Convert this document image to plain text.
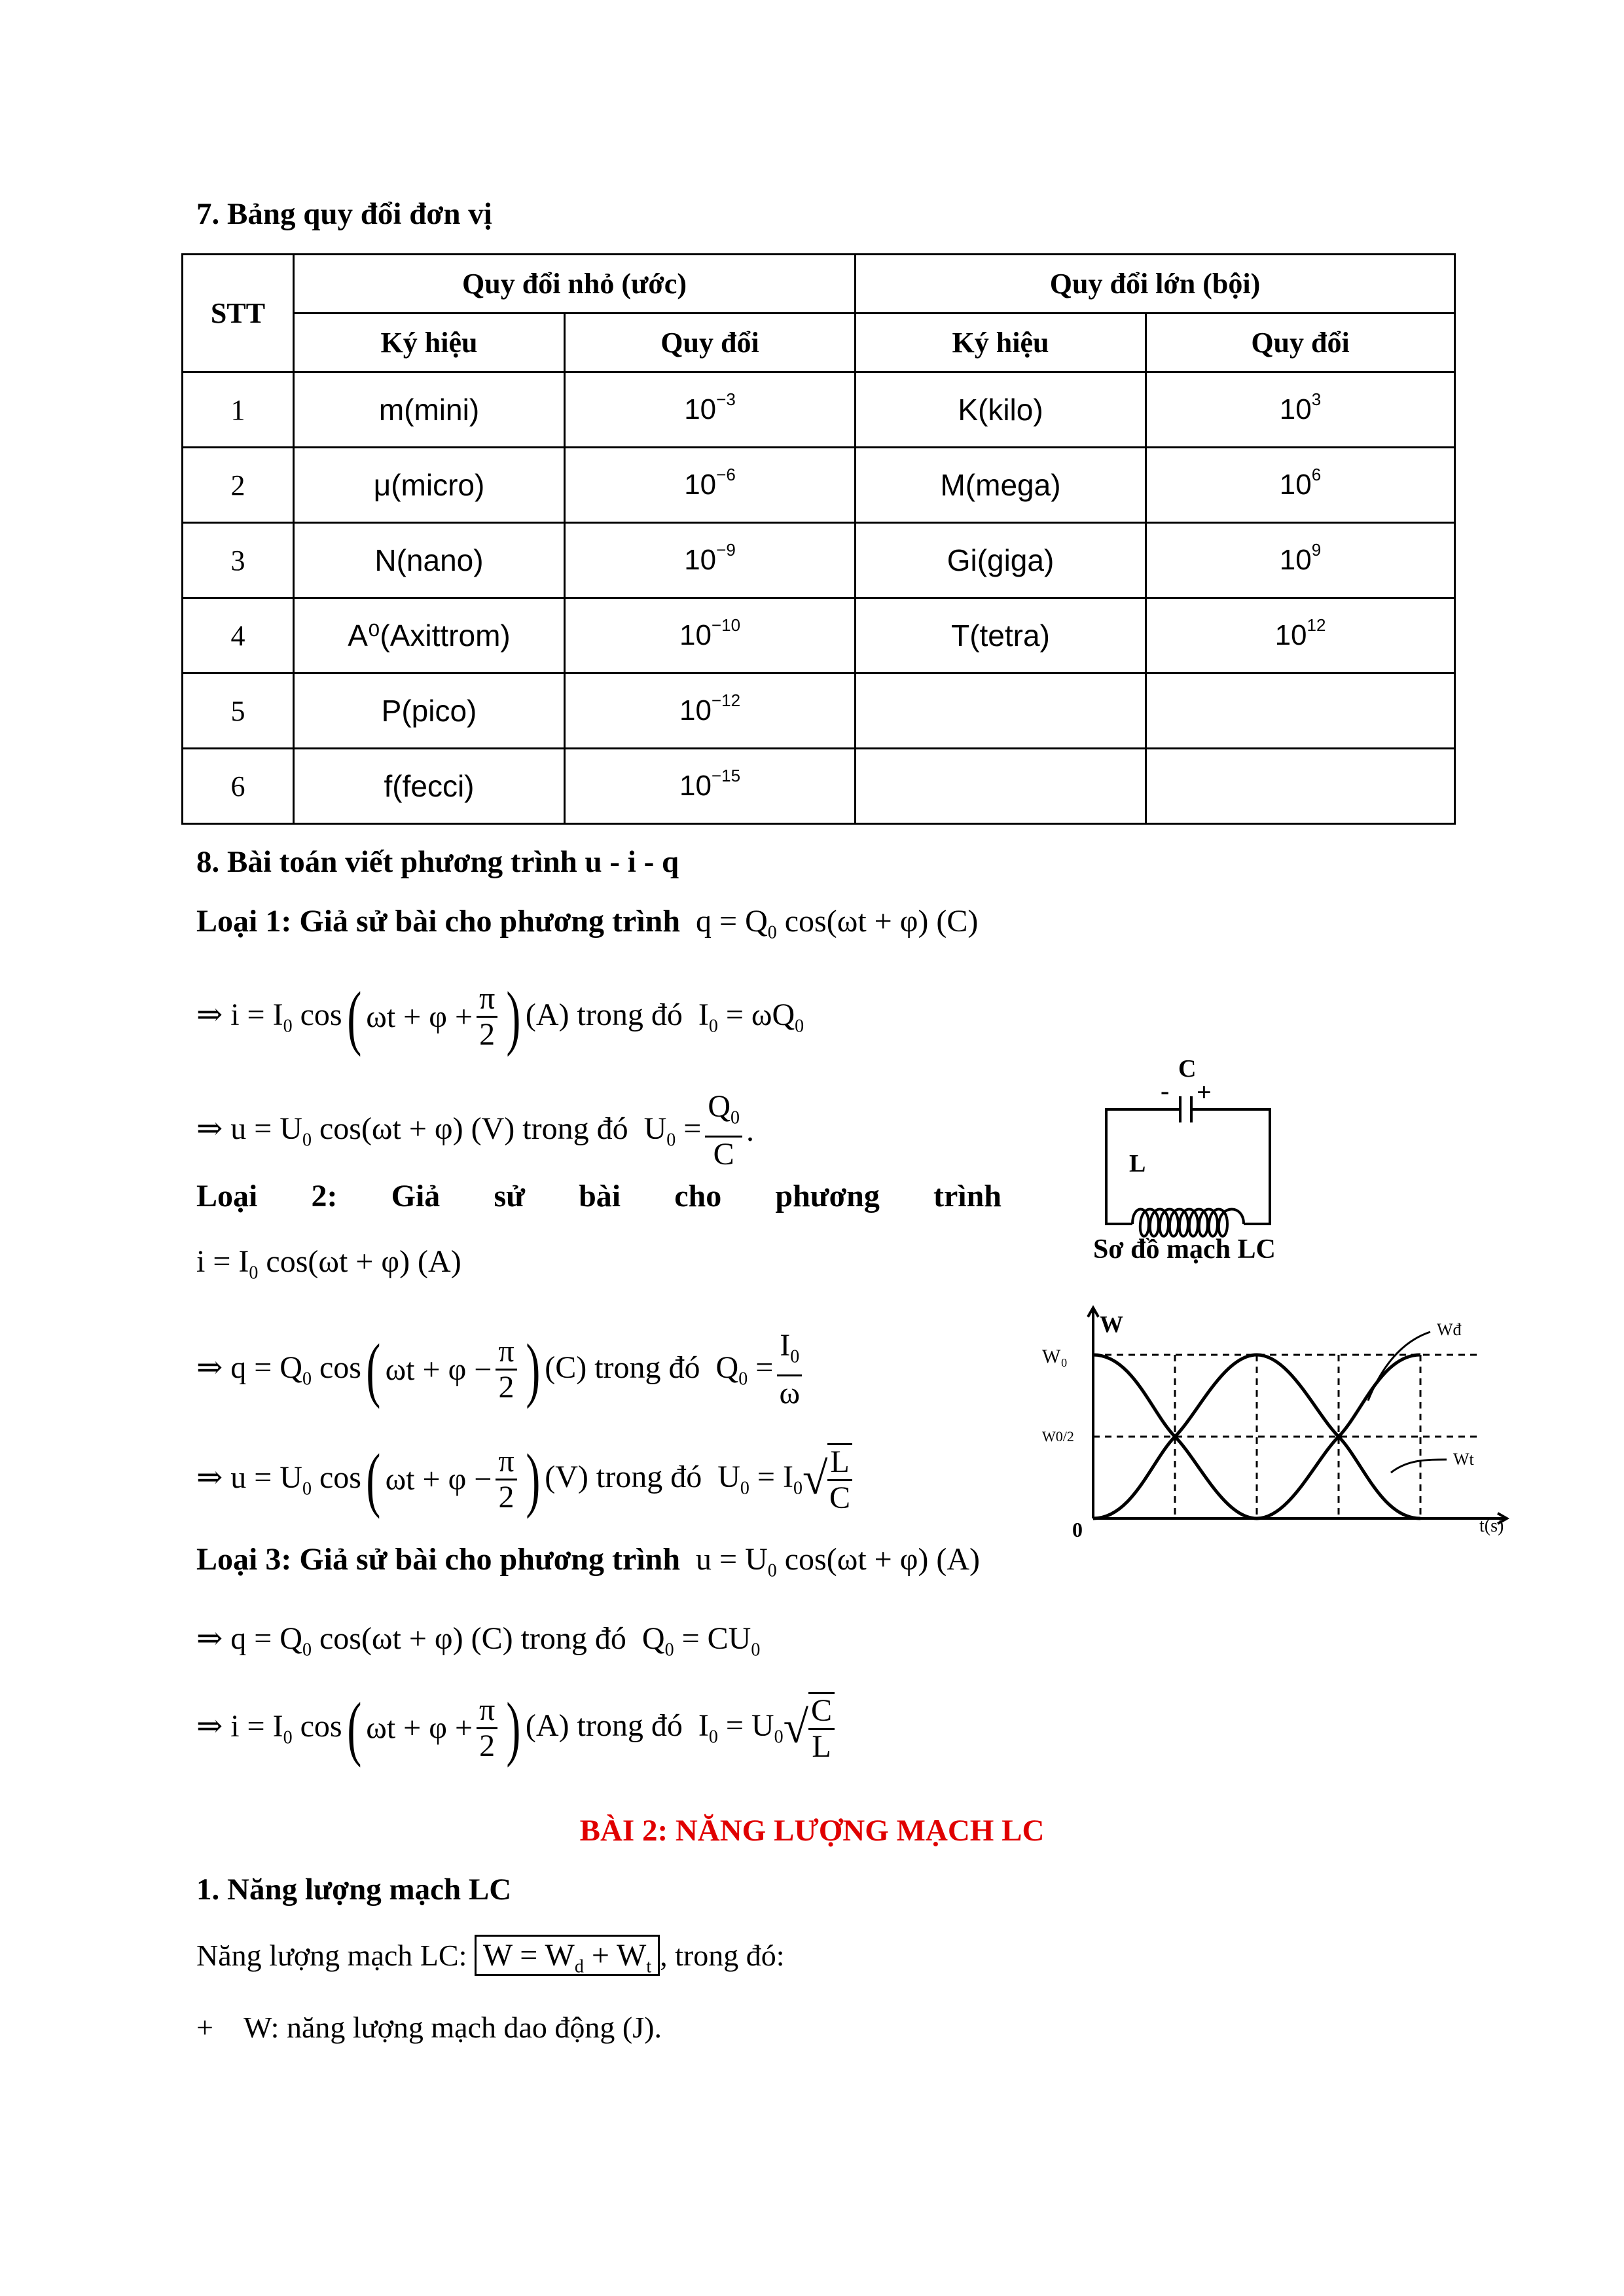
7. Bảng quy đổi đơn vị
STT	Quy đổi nhỏ (ước)		Quy đổi lớn (bội)	
	Ký hiệu	Quy đổi	Ký hiệu	Quy đổi
1	m(mini)	$10^{-3}$	K(kilo)	$10^3$
2	μ(micro)	$10^{-6}$	M(mega)	$10^6$
3	N(nano)	$10^{-9}$	Gi(giga)	$10^9$
4	A⁰(Axittrom)	$10^{-10}$	T(tetra)	$10^{12}$
5	P(pico)	$10^{-12}$		
6	f(fecci)	$10^{-15}$		
8. Bài toán viết phương trình u - i - q
Loại 1: Giả sử bài cho phương trình  $q = Q_0$ cos(ωt + φ) (C)
⇒ $i = I_0$ cos( $\omega t + \varphi + \frac{\pi}{2}$ ) (A) trong đó  $I_0 = \omega Q_0$
⇒ $u = U_0$ cos(ωt + φ) (V) trong đó  $U_0 = \frac{Q_0}{C}$ .
Loại 2: Giả sử bài cho phương trình
$i = I_0$ cos(ωt + φ) (A)
⇒ $q = Q_0$ cos( $\omega t + \varphi - \frac{\pi}{2}$ ) (C) trong đó  $Q_0 = \frac{I_0}{\omega}$
⇒ $u = U_0$ cos( $\omega t + \varphi - \frac{\pi}{2}$ ) (V) trong đó  $U_0 = I_0√ \frac{L}{C}$
Loại 3: Giả sử bài cho phương trình  $u = U_0$ cos(ωt + φ) (A)
⇒ $q = Q_0$ cos(ωt + φ) (C) trong đó  $Q_0 = CU_0$
⇒ $i = I_0$ cos( $\omega t + \varphi + \frac{\pi}{2}$ ) (A) trong đó  $I_0 = U_0√ \frac{C}{L}$
C
- +
L
Sơ đồ mạch LC
W
W₀
W0/2
0	t(s)
Wđ
Wt
BÀI 2: NĂNG LƯỢNG MẠCH LC
1. Năng lượng mạch LC
Năng lượng mạch LC: $W = W_d + W_t$ , trong đó:
+ W: năng lượng mạch dao động (J).
